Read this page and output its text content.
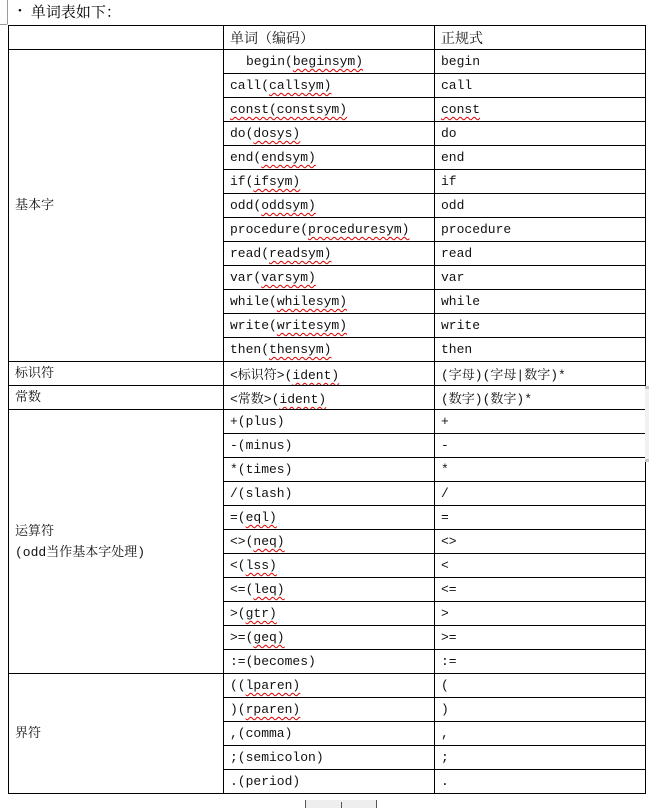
• 单词表如下：
	单词（编码）	正规式

基本字	begin(beginsym)	begin
	call(callsym)	call
	const(constsym)	const
	do(dosys)	do
	end(endsym)	end
	if(ifsym)	if
	odd(oddsym)	odd
	procedure(proceduresym)	procedure
	read(readsym)	read
	var(varsym)	var
	while(whilesym)	while
	write(writesym)	write
	then(thensym)	then

标识符	<标识符>(ident)	(字母)(字母|数字)*

常数	<常数>(ident)	(数字)(数字)*

运算符
(odd当作基本字处理)	+(plus)	+
	-(minus)	-
	*(times)	*
	/(slash)	/
	=(eql)	=
	<>(neq)	<>
	<(lss)	<
	<=(leq)	<=
	>(gtr)	>
	>=(geq)	>=
	:=(becomes)	:=

界符	((lparen)	(
	)(rparen)	)
	,(comma)	,
	;(semicolon)	;
	.(period)	.
